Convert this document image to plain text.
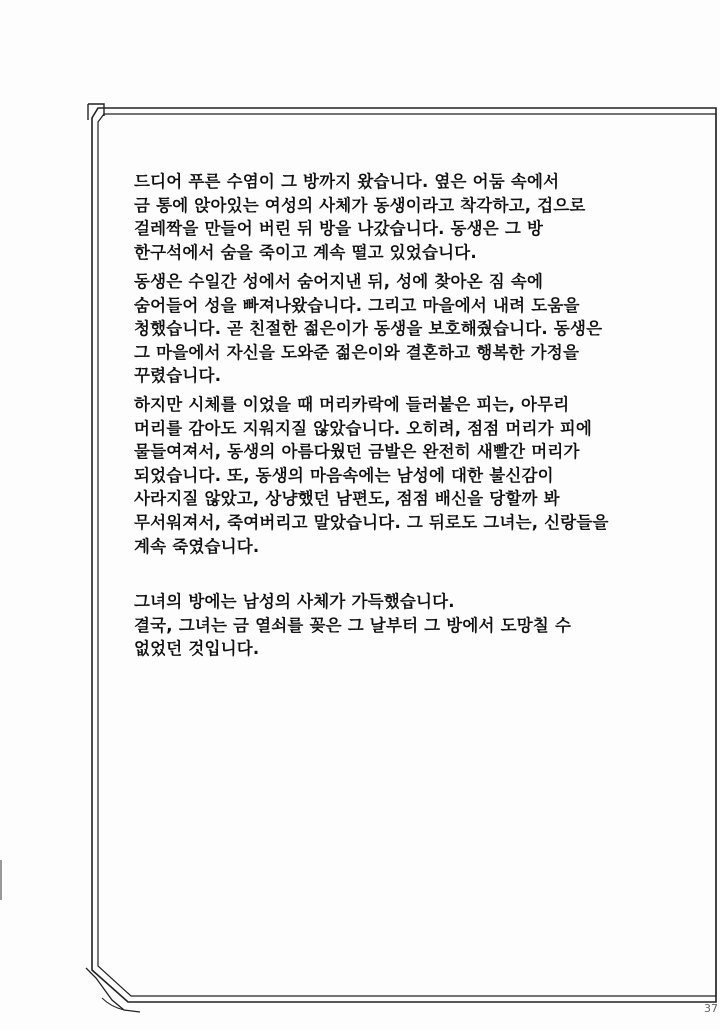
드디어 푸른 수염이 그 방까지 왔습니다. 옆은 어둠 속에서
금 통에 앉아있는 여성의 사체가 동생이라고 착각하고, 겁으로
걸레짝을 만들어 버린 뒤 방을 나갔습니다. 동생은 그 방
한구석에서 숨을 죽이고 계속 떨고 있었습니다.
동생은 수일간 성에서 숨어지낸 뒤, 성에 찾아온 짐 속에
숨어들어 성을 빠져나왔습니다. 그리고 마을에서 내려 도움을
청했습니다. 곧 친절한 젊은이가 동생을 보호해줬습니다. 동생은
그 마을에서 자신을 도와준 젊은이와 결혼하고 행복한 가정을
꾸렸습니다.
하지만 시체를 이었을 때 머리카락에 들러붙은 피는, 아무리
머리를 감아도 지워지질 않았습니다. 오히려, 점점 머리가 피에
물들여져서, 동생의 아름다웠던 금발은 완전히 새빨간 머리가
되었습니다. 또, 동생의 마음속에는 남성에 대한 불신감이
사라지질 않았고, 상냥했던 남편도, 점점 배신을 당할까 봐
무서워져서, 죽여버리고 말았습니다. 그 뒤로도 그녀는, 신랑들을
계속 죽였습니다.
그녀의 방에는 남성의 사체가 가득했습니다.
결국, 그녀는 금 열쇠를 꽂은 그 날부터 그 방에서 도망칠 수
없었던 것입니다.
37
